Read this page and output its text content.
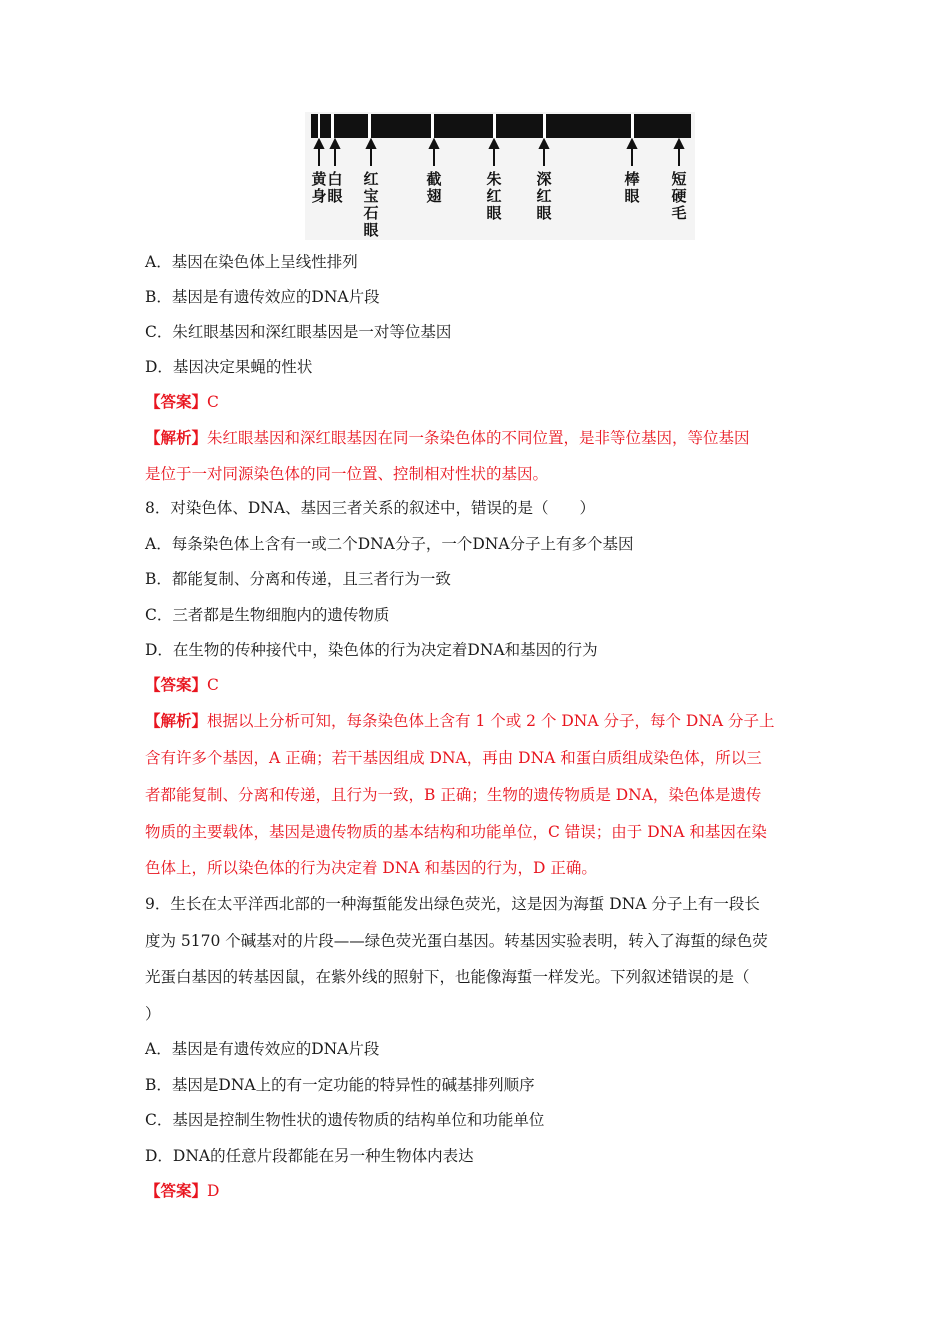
黄身
白眼
红宝石眼
截翅
朱红眼
深红眼
棒眼
短硬毛
A．基因在染色体上呈线性排列
B．基因是有遗传效应的DNA片段
C．朱红眼基因和深红眼基因是一对等位基因
D．基因决定果蝇的性状
【答案】C
【解析】朱红眼基因和深红眼基因在同一条染色体的不同位置，是非等位基因，等位基因
是位于一对同源染色体的同一位置、控制相对性状的基因。
8．对染色体、DNA、基因三者关系的叙述中，错误的是（　　）
A．每条染色体上含有一或二个DNA分子，一个DNA分子上有多个基因
B．都能复制、分离和传递，且三者行为一致
C．三者都是生物细胞内的遗传物质
D．在生物的传种接代中，染色体的行为决定着DNA和基因的行为
【答案】C
【解析】根据以上分析可知，每条染色体上含有 1 个或 2 个 DNA 分子，每个 DNA 分子上
含有许多个基因，A 正确；若干基因组成 DNA，再由 DNA 和蛋白质组成染色体，所以三
者都能复制、分离和传递，且行为一致，B 正确；生物的遗传物质是 DNA，染色体是遗传
物质的主要载体，基因是遗传物质的基本结构和功能单位，C 错误；由于 DNA 和基因在染
色体上，所以染色体的行为决定着 DNA 和基因的行为，D 正确。
9．生长在太平洋西北部的一种海蜇能发出绿色荧光，这是因为海蜇 DNA 分子上有一段长
度为 5170 个碱基对的片段——绿色荧光蛋白基因。转基因实验表明，转入了海蜇的绿色荧
光蛋白基因的转基因鼠，在紫外线的照射下，也能像海蜇一样发光。下列叙述错误的是（
）
A．基因是有遗传效应的DNA片段
B．基因是DNA上的有一定功能的特异性的碱基排列顺序
C．基因是控制生物性状的遗传物质的结构单位和功能单位
D．DNA的任意片段都能在另一种生物体内表达
【答案】D
